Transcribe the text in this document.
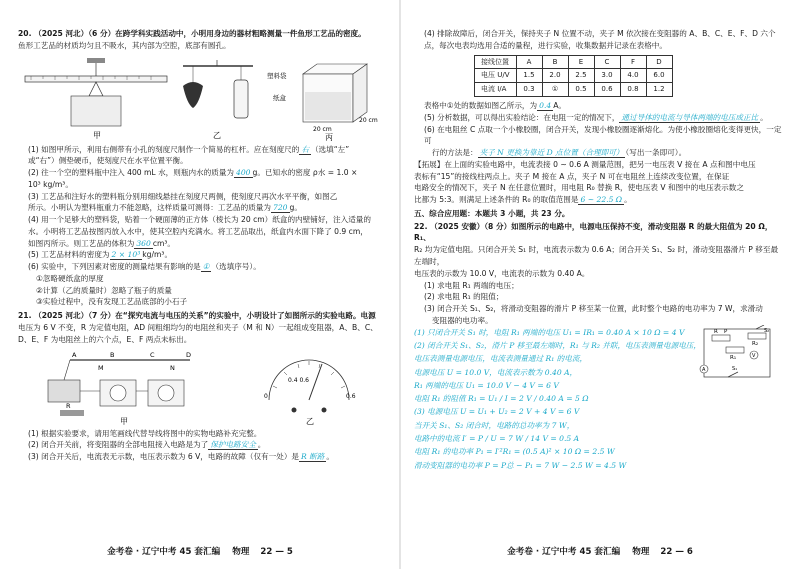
20. （2025 河北）（6 分）在跨学科实践活动中，小明用身边的器材粗略测量一件鱼形工艺品的密度。

鱼形工艺品的材质均匀且不吸水，其内部为空腔，底部有圆孔。

甲	乙
塑料袋
纸盒
20 cm
20 cm
丙

(1) 如图甲所示，利用右侧带有小孔的刻度尺制作一个简易的杠杆。应在刻度尺的 右 （选填“左”

或“右”）侧垫硬币，使刻度尺在水平位置平衡。

(2) 往一个空的塑料瓶中注入 400 mL 水，则瓶内水的质量为 400 g。已知水的密度 ρ水 = 1.0 ×

10³ kg/m³。

(3) 工艺品和注好水的塑料瓶分别用细线悬挂在刻度尺两侧，使刻度尺再次水平平衡，如图乙

所示。小明认为塑料瓶重力不能忽略，这样质量可测得：工艺品的质量为 720 g。

(4) 用一个足够大的塑料袋，贴着一个硬面薄的正方体（棱长为 20 cm）纸盒的内壁铺好，注入适量的

水。小明将工艺品按图丙放入水中，使其空腔内充满水。将工艺品取出，纸盒内水面下降了 0.9 cm，

如图丙所示。则工艺品的体积为 360 cm³。

(5) 工艺品材料的密度为 2 × 10³ kg/m³。

(6) 实验中，下列因素对密度的测量结果有影响的是 ① （选填序号）。

①忽略硬纸盒的厚度

②计算（乙的质量时）忽略了瓶子的质量

③实验过程中，没有发现工艺品底部的小石子

21. （2025 河北）（7 分）在“探究电流与电压的关系”的实验中，小明设计了如图所示的实验电路。电源

电压为 6 V 不变，R 为定值电阻，AD 间粗细均匀的电阻丝和夹子（M 和 N）一起组成变阻器，A、B、C、

D、E、F 为电阻丝上的六个点，E、F 两点未标出。

A	B	C	D
M	N
R
甲
0.4 0.6
0	0.6
乙

(1) 根据实验要求，请用笔画线代替导线将图中的实物电路补充完整。

(2) 闭合开关前，将变阻器的全部电阻接入电路是为了 保护电路安全 。

(3) 闭合开关后，电流表无示数，电压表示数为 6 V，电路的故障（仅有一处）是 R 断路 。

金考卷 · 辽宁中考 45 套汇编 物理 22 — 5

(4) 排除故障后，闭合开关，保持夹子 N 位置不动，夹子 M 依次接在变阻器的 A、B、C、E、F、D 六个

点，每次电表均选用合适的量程，进行实验，收集数据并记录在表格中。

接线位置	A	B	E	C	F	D
电压 U/V	1.5	2.0	2.5	3.0	4.0	6.0
电流 I/A	0.3	①	0.5	0.6	0.8	1.2

表格中①处的数据如图乙所示，为 0.4 A。

(5) 分析数据，可以得出实验结论：在电阻一定的情况下， 通过导体的电流与导体两端的电压成正比 。

(6) 在电阻丝 C 点取一个小橡胶圈，闭合开关，发现小橡胶圈逐渐熔化。为使小橡胶圈熔化变得更快，一定可

行的方法是： 夹子 N 更换为靠近 D 点位置（合理即可） （写出一条即可）。

【拓展】在上面的实验电路中，电流表接 0 ~ 0.6 A 测量范围，把另一电压表 V 接在 A 点和图中电压

表标有“15”的接线柱两点上。夹子 M 接在 A 点，夹子 N 可在电阻丝上连续改变位置，在保证

电路安全的情况下，夹子 N 在任意位置时，用电阻 R₀ 替换 R，使电压表 V 和图中的电压表示数之

比都为 5:3。则满足上述条件的 R₀ 的取值范围是 6 ~ 22.5 Ω 。

五、综合应用题：本题共 3 小题，共 23 分。

22. （2025 安徽）（8 分）如图所示的电路中，电源电压保持不变，滑动变阻器 R 的最大阻值为 20 Ω，R₁、

R₂ 均为定值电阻。只闭合开关 S₁ 时，电流表示数为 0.6 A；闭合开关 S₁、S₂ 时，滑动变阻器滑片 P 移至最左端时，

电压表的示数为 10.0 V，电流表的示数为 0.40 A。

(1) 求电阻 R₁ 两端的电压；

(2) 求电阻 R₁ 的阻值；

(3) 闭合开关 S₁、S₂，将滑动变阻器的滑片 P 移至某一位置，此时整个电路的电功率为 7 W，求滑动

变阻器的电功率。

R P
R₁
R₂
V
A	S₁
S₂

(1) 只闭合开关 S₁ 时，电阻 R₁ 两端的电压 U₁ = IR₁ = 0.40 A × 10 Ω = 4 V

(2) 闭合开关 S₁、S₂，滑片 P 移至最左端时，R₁ 与 R₂ 并联，电压表测量电源电压，

电压表测量电源电压，电流表测量通过 R₁ 的电流，

电源电压 U = 10.0 V，电流表示数为 0.40 A，

R₁ 两端的电压 U₁ = 10.0 V − 4 V = 6 V

电阻 R₁ 的阻值 R₁ = U₁ / I = 2 V / 0.40 A = 5 Ω

(3) 电源电压 U = U₁ + U₂ = 2 V + 4 V = 6 V

当开关 S₁、S₂ 闭合时，电路的总功率为 7 W，

电路中的电流 I′ = P / U = 7 W / 14 V = 0.5 A

电阻 R₁ 的电功率 P₁ = I′²R₁ = (0.5 A)² × 10 Ω = 2.5 W

滑动变阻器的电功率 P = P总 − P₁ = 7 W − 2.5 W = 4.5 W

金考卷 · 辽宁中考 45 套汇编 物理 22 — 6
